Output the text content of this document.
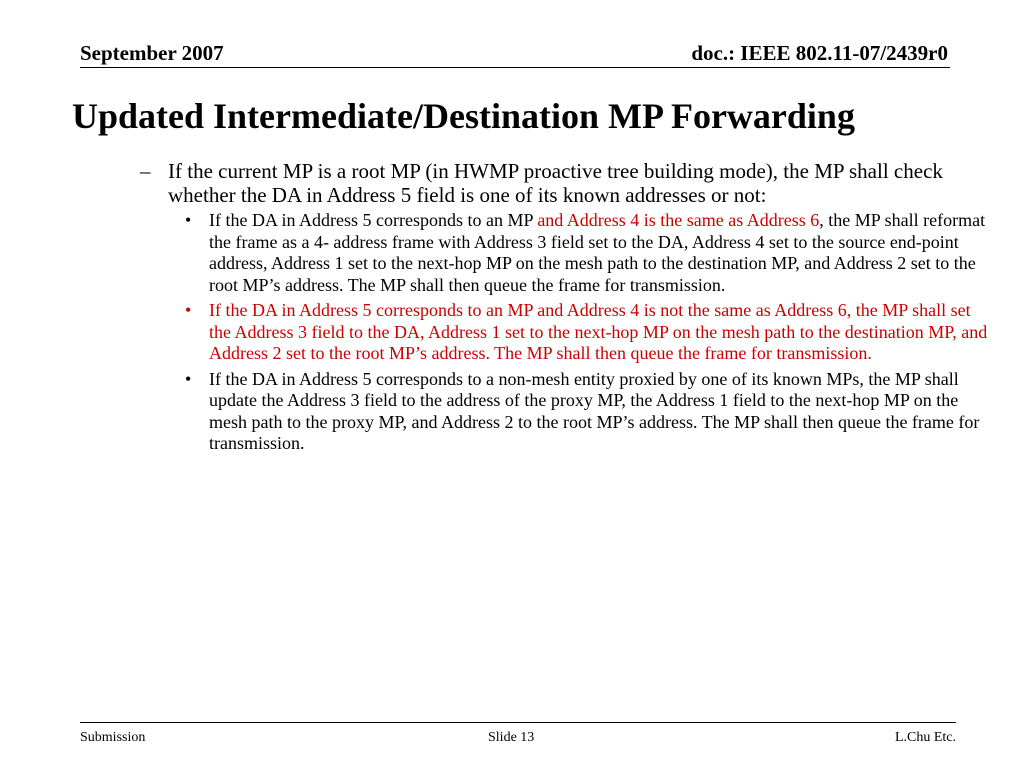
September 2007	doc.: IEEE 802.11-07/2439r0
Updated Intermediate/Destination MP Forwarding
– If the current MP is a root MP (in HWMP proactive tree building mode), the MP shall check whether the DA in Address 5 field is one of its known addresses or not:
• If the DA in Address 5 corresponds to an MP and Address 4 is the same as Address 6, the MP shall reformat the frame as a 4- address frame with Address 3 field set to the DA, Address 4 set to the source end-point address, Address 1 set to the next-hop MP on the mesh path to the destination MP, and Address 2 set to the root MP’s address. The MP shall then queue the frame for transmission.
• If the DA in Address 5 corresponds to an MP and Address 4 is not the same as Address 6, the MP shall set the Address 3 field to the DA, Address 1 set to the next-hop MP on the mesh path to the destination MP, and Address 2 set to the root MP’s address. The MP shall then queue the frame for transmission.
• If the DA in Address 5 corresponds to a non-mesh entity proxied by one of its known MPs, the MP shall update the Address 3 field to the address of the proxy MP, the Address 1 field to the next-hop MP on the mesh path to the proxy MP, and Address 2 to the root MP’s address. The MP shall then queue the frame for transmission.
Submission	Slide 13	L.Chu Etc.
